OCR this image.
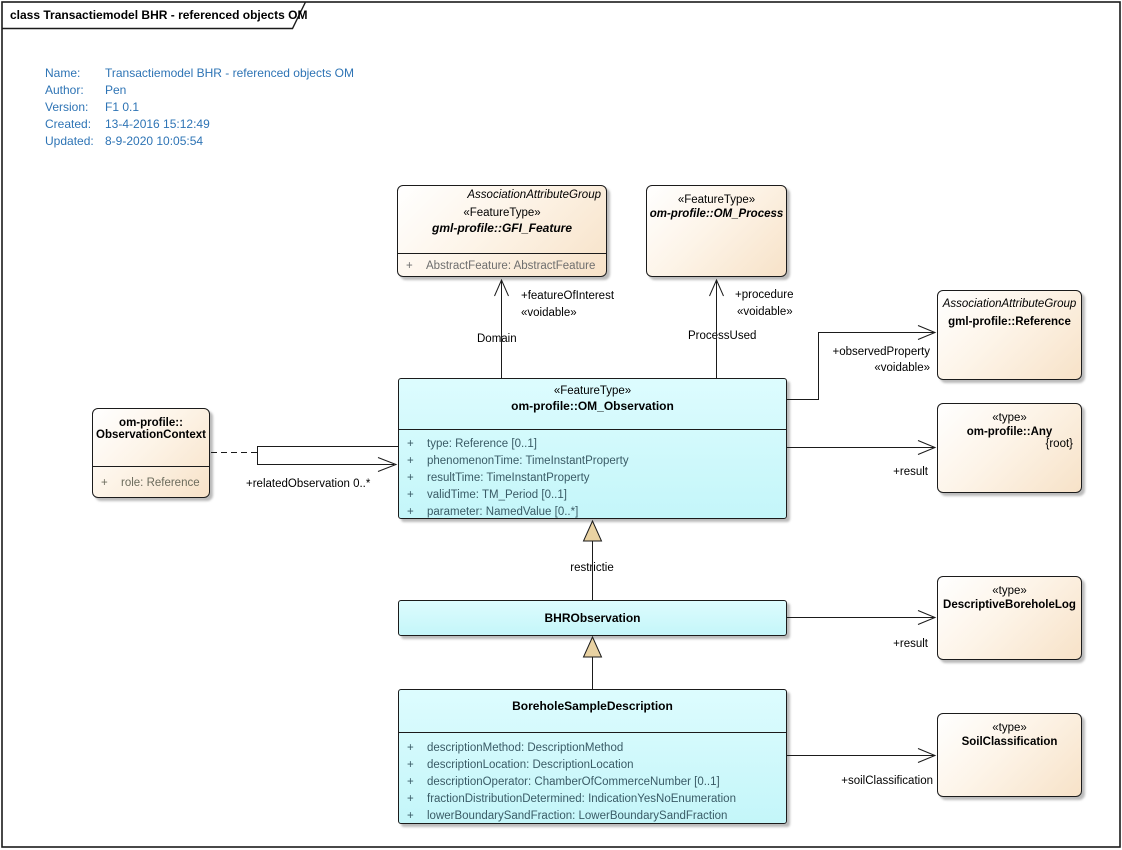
class Transactiemodel BHR - referenced objects OM
Name:	Transactiemodel BHR - referenced objects OM
Author:	Pen
Version:	F1 0.1
Created:	13-4-2016 15:12:49
Updated: 8-9-2020 10:05:54
AssociationAttributeGroup
«FeatureType»
gml-profile::GFI_Feature
+	AbstractFeature: AbstractFeature
«FeatureType»
om-profile::OM_Process
AssociationAttributeGroup
gml-profile::Reference
«type»
om-profile::Any
{root}
om-profile::
ObservationContext
+	role: Reference
«FeatureType»
om-profile::OM_Observation
+	type: Reference [0..1]
+	phenomenonTime: TimeInstantProperty
+	resultTime: TimeInstantProperty
+	validTime: TM_Period [0..1]
+	parameter: NamedValue [0..*]
BHRObservation
BoreholeSampleDescription
+	descriptionMethod: DescriptionMethod
+	descriptionLocation: DescriptionLocation
+	descriptionOperator: ChamberOfCommerceNumber [0..1]
+	fractionDistributionDetermined: IndicationYesNoEnumeration
+	lowerBoundarySandFraction: LowerBoundarySandFraction
«type»
DescriptiveBoreholeLog
«type»
SoilClassification
+featureOfInterest
«voidable»
Domain
+procedure
«voidable»
ProcessUsed
+observedProperty
«voidable»
+result
+relatedObservation 0..*
restrictie
+result
+soilClassification
